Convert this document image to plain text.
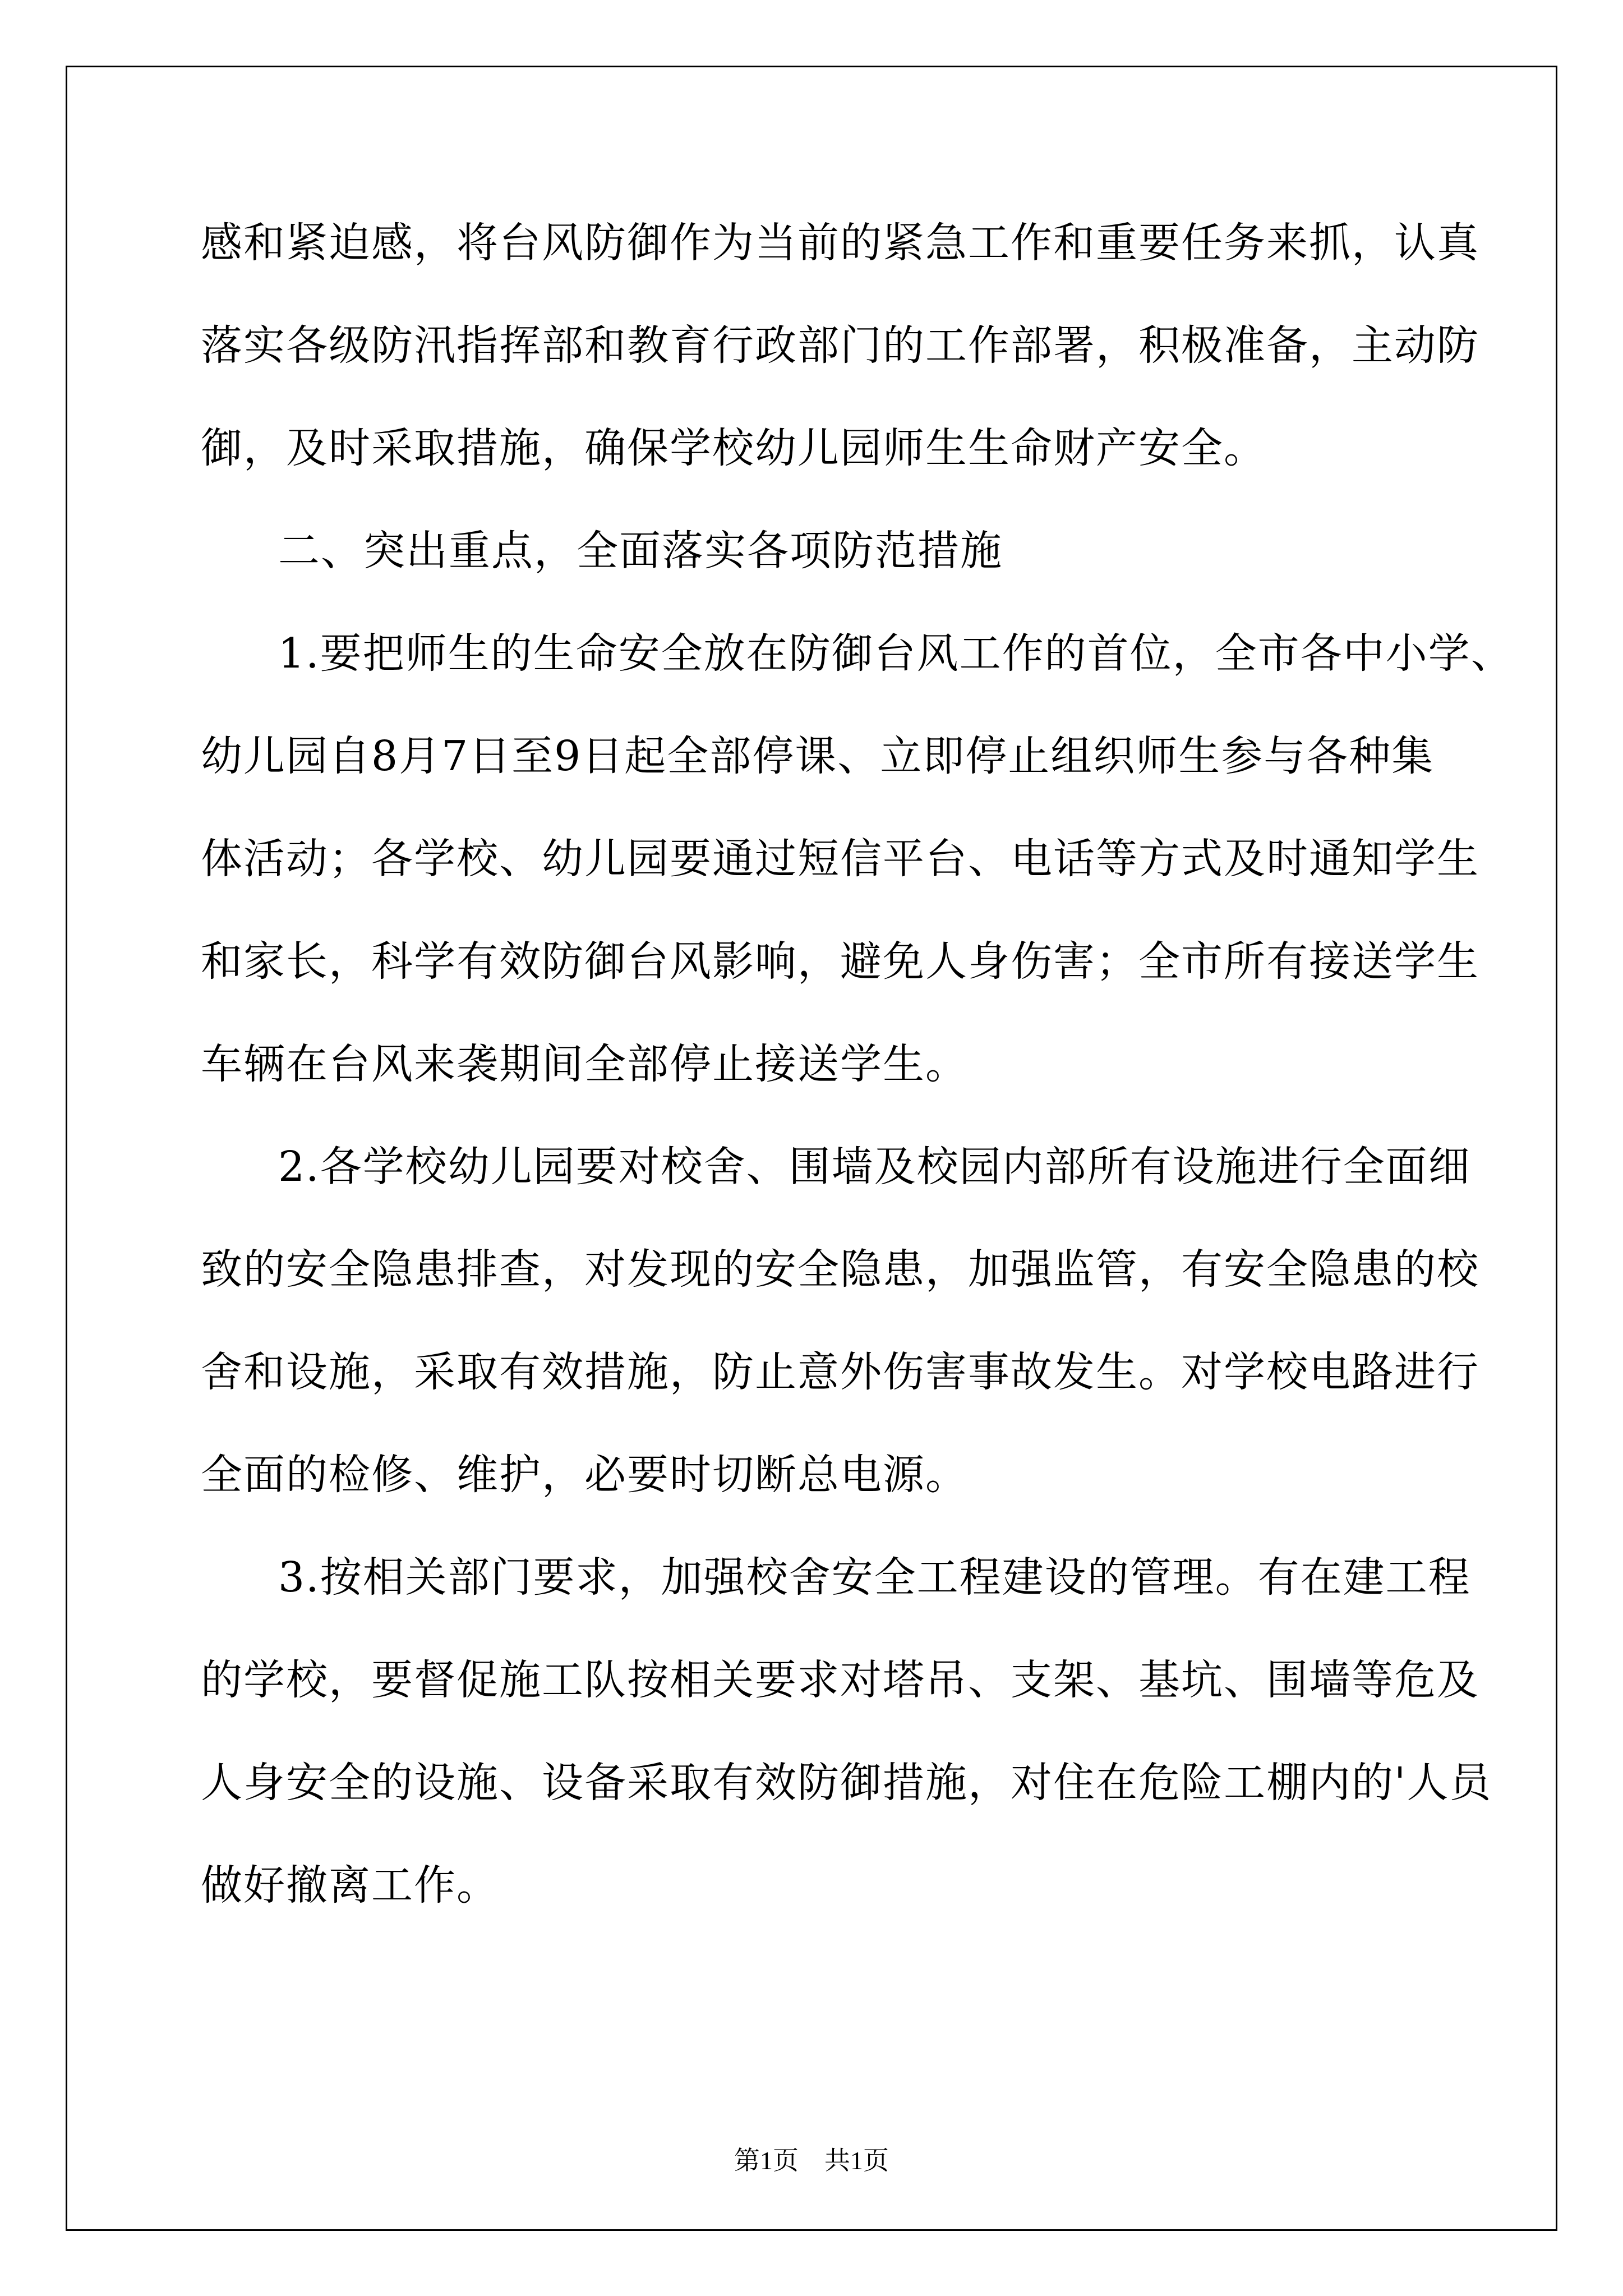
感和紧迫感，将台风防御作为当前的紧急工作和重要任务来抓，认真
落实各级防汛指挥部和教育行政部门的工作部署，积极准备，主动防
御，及时采取措施，确保学校幼儿园师生生命财产安全。
二、突出重点，全面落实各项防范措施
1.要把师生的生命安全放在防御台风工作的首位，全市各中小学、
幼儿园自8月7日至9日起全部停课、立即停止组织师生参与各种集
体活动；各学校、幼儿园要通过短信平台、电话等方式及时通知学生
和家长，科学有效防御台风影响，避免人身伤害；全市所有接送学生
车辆在台风来袭期间全部停止接送学生。
2.各学校幼儿园要对校舍、围墙及校园内部所有设施进行全面细
致的安全隐患排查，对发现的安全隐患，加强监管，有安全隐患的校
舍和设施，采取有效措施，防止意外伤害事故发生。对学校电路进行
全面的检修、维护，必要时切断总电源。
3.按相关部门要求，加强校舍安全工程建设的管理。有在建工程
的学校，要督促施工队按相关要求对塔吊、支架、基坑、围墙等危及
人身安全的设施、设备采取有效防御措施，对住在危险工棚内的'人员
做好撤离工作。
第1页　共1页
